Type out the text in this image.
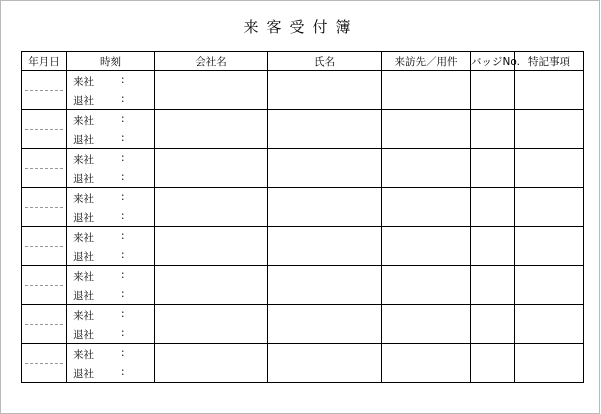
来客受付簿
年月日	時刻	会社名	氏名	来訪先／用件	バッジNo.	特記事項

	来社 :					

	退社 :					

	来社 :					

	退社 :					

	来社 :					

	退社 :					

	来社 :					

	退社 :					

	来社 :					

	退社 :					

	来社 :					

	退社 :					

	来社 :					

	退社 :					

	来社 :					

	退社 :					
